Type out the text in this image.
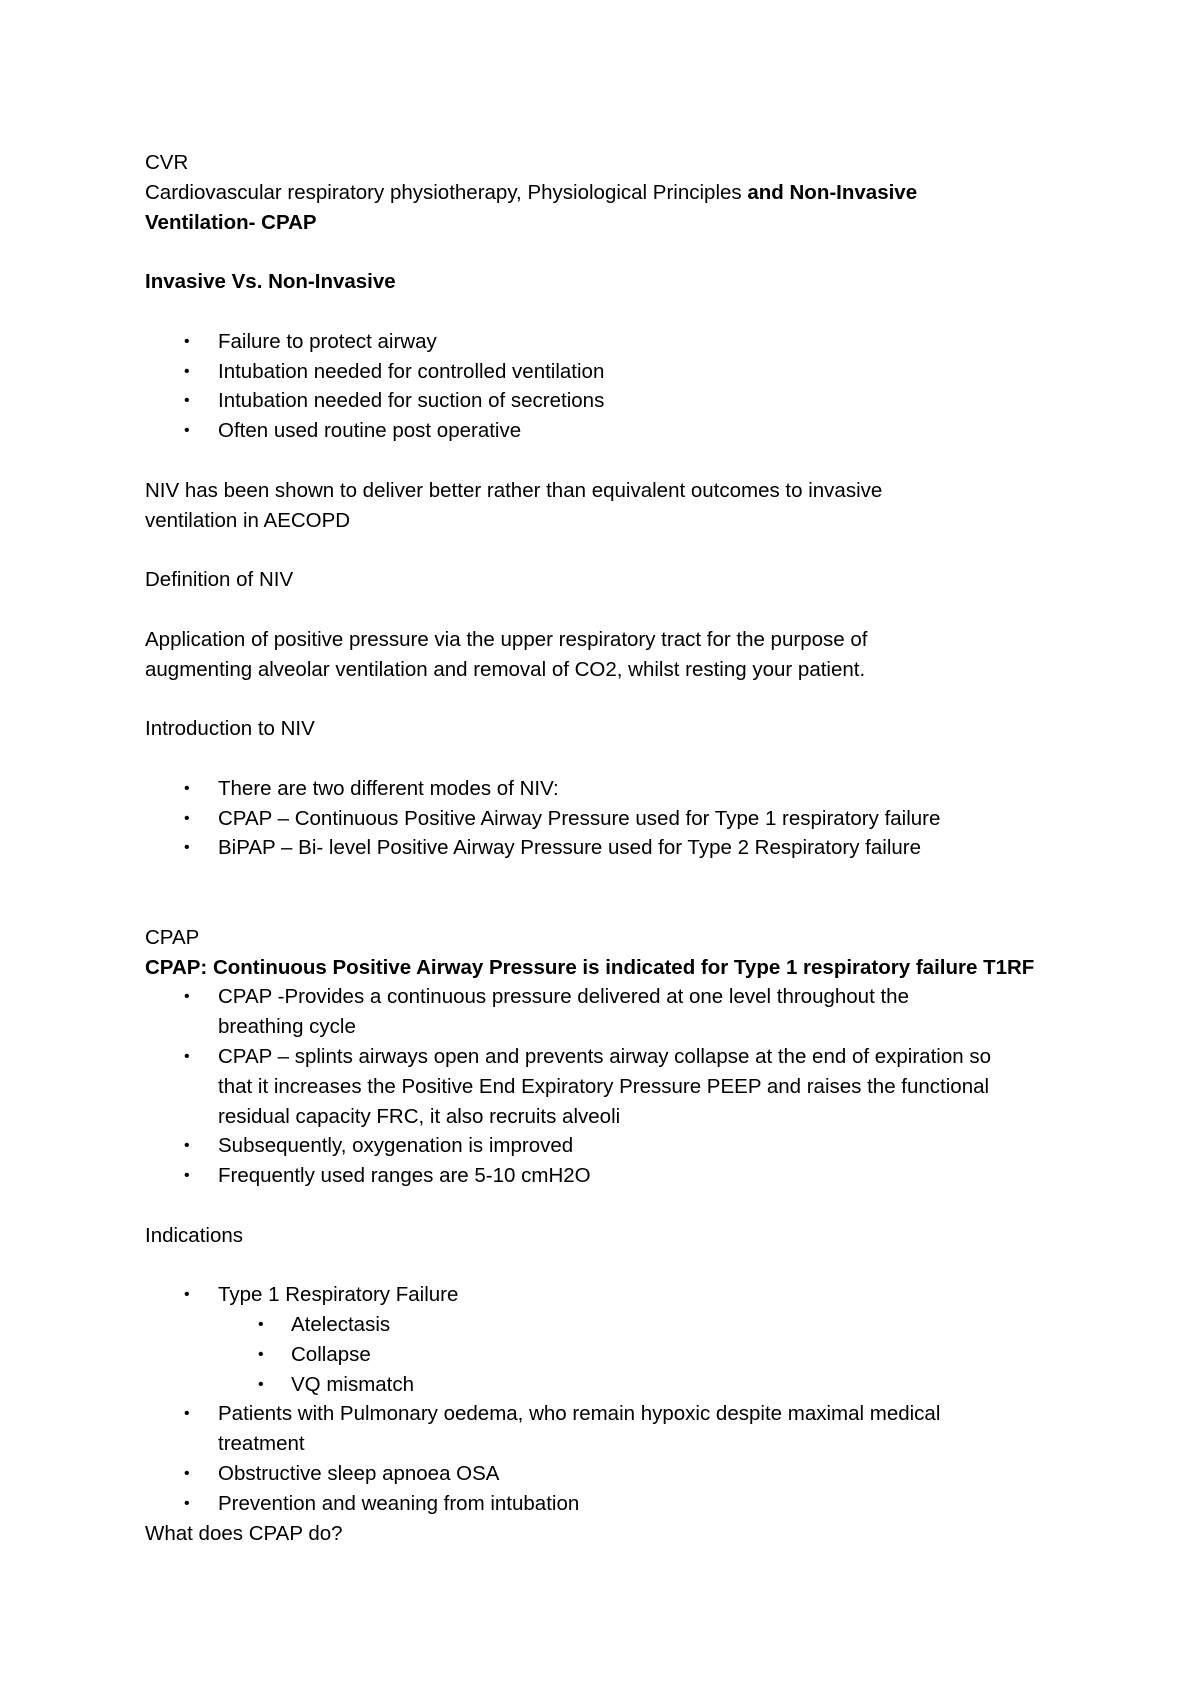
CVR

Cardiovascular respiratory physiotherapy, Physiological Principles and Non-Invasive

Ventilation- CPAP

Invasive Vs. Non-Invasive

• Failure to protect airway
• Intubation needed for controlled ventilation
• Intubation needed for suction of secretions
• Often used routine post operative

NIV has been shown to deliver better rather than equivalent outcomes to invasive

ventilation in AECOPD

Definition of NIV

Application of positive pressure via the upper respiratory tract for the purpose of

augmenting alveolar ventilation and removal of CO2, whilst resting your patient.

Introduction to NIV

• There are two different modes of NIV:
• CPAP – Continuous Positive Airway Pressure used for Type 1 respiratory failure
• BiPAP – Bi- level Positive Airway Pressure used for Type 2 Respiratory failure

CPAP

CPAP: Continuous Positive Airway Pressure is indicated for Type 1 respiratory failure T1RF

• CPAP -Provides a continuous pressure delivered at one level throughout the
breathing cycle
• CPAP – splints airways open and prevents airway collapse at the end of expiration so
that it increases the Positive End Expiratory Pressure PEEP and raises the functional
residual capacity FRC, it also recruits alveoli
• Subsequently, oxygenation is improved
• Frequently used ranges are 5-10 cmH2O

Indications

• Type 1 Respiratory Failure
• Atelectasis
• Collapse
• VQ mismatch
• Patients with Pulmonary oedema, who remain hypoxic despite maximal medical
treatment
• Obstructive sleep apnoea OSA
• Prevention and weaning from intubation

What does CPAP do?
